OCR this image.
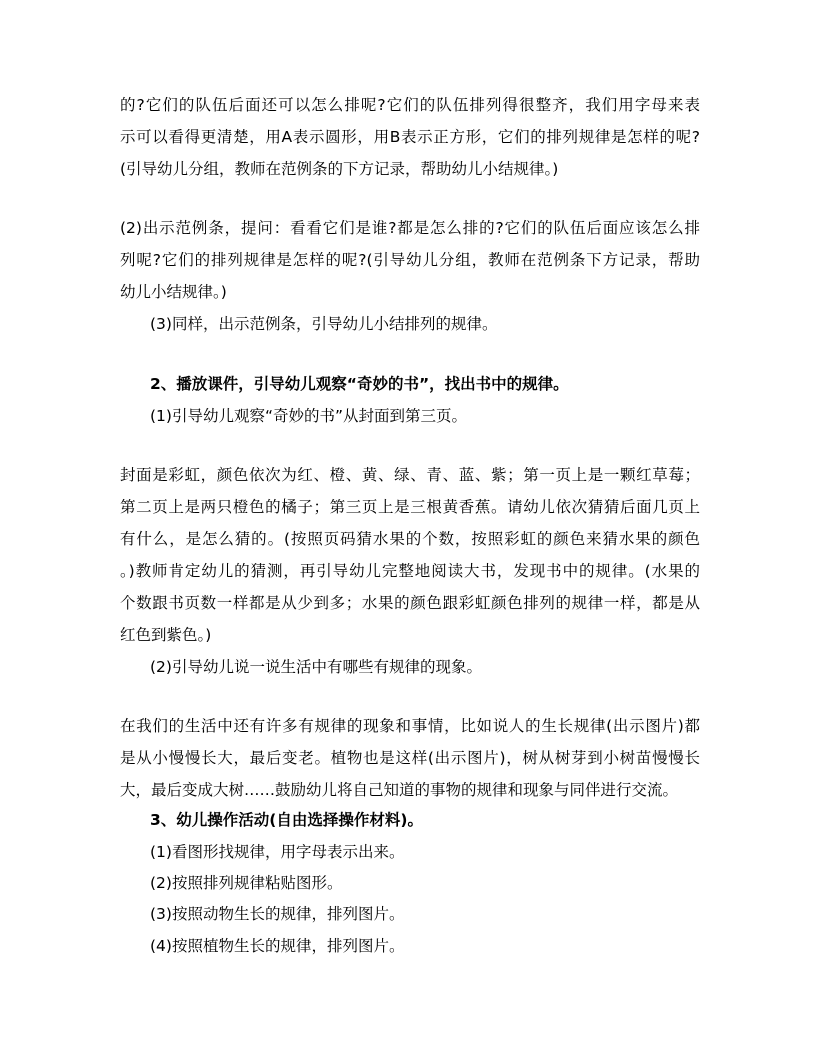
的?它们的队伍后面还可以怎么排呢?它们的队伍排列得很整齐，我们用字母来表
示可以看得更清楚，用A表示圆形，用B表示正方形，它们的排列规律是怎样的呢?
(引导幼儿分组，教师在范例条的下方记录，帮助幼儿小结规律。)
(2)出示范例条，提问：看看它们是谁?都是怎么排的?它们的队伍后面应该怎么排
列呢?它们的排列规律是怎样的呢?(引导幼儿分组，教师在范例条下方记录，帮助
幼儿小结规律。)
(3)同样，出示范例条，引导幼儿小结排列的规律。
2、播放课件，引导幼儿观察“奇妙的书”，找出书中的规律。
(1)引导幼儿观察“奇妙的书”从封面到第三页。
封面是彩虹，颜色依次为红、橙、黄、绿、青、蓝、紫；第一页上是一颗红草莓；
第二页上是两只橙色的橘子；第三页上是三根黄香蕉。请幼儿依次猜猜后面几页上
有什么，是怎么猜的。(按照页码猜水果的个数，按照彩虹的颜色来猜水果的颜色
。)教师肯定幼儿的猜测，再引导幼儿完整地阅读大书，发现书中的规律。(水果的
个数跟书页数一样都是从少到多；水果的颜色跟彩虹颜色排列的规律一样，都是从
红色到紫色。)
(2)引导幼儿说一说生活中有哪些有规律的现象。
在我们的生活中还有许多有规律的现象和事情，比如说人的生长规律(出示图片)都
是从小慢慢长大，最后变老。植物也是这样(出示图片)，树从树芽到小树苗慢慢长
大，最后变成大树……鼓励幼儿将自己知道的事物的规律和现象与同伴进行交流。
3、幼儿操作活动(自由选择操作材料)。
(1)看图形找规律，用字母表示出来。
(2)按照排列规律粘贴图形。
(3)按照动物生长的规律，排列图片。
(4)按照植物生长的规律，排列图片。
